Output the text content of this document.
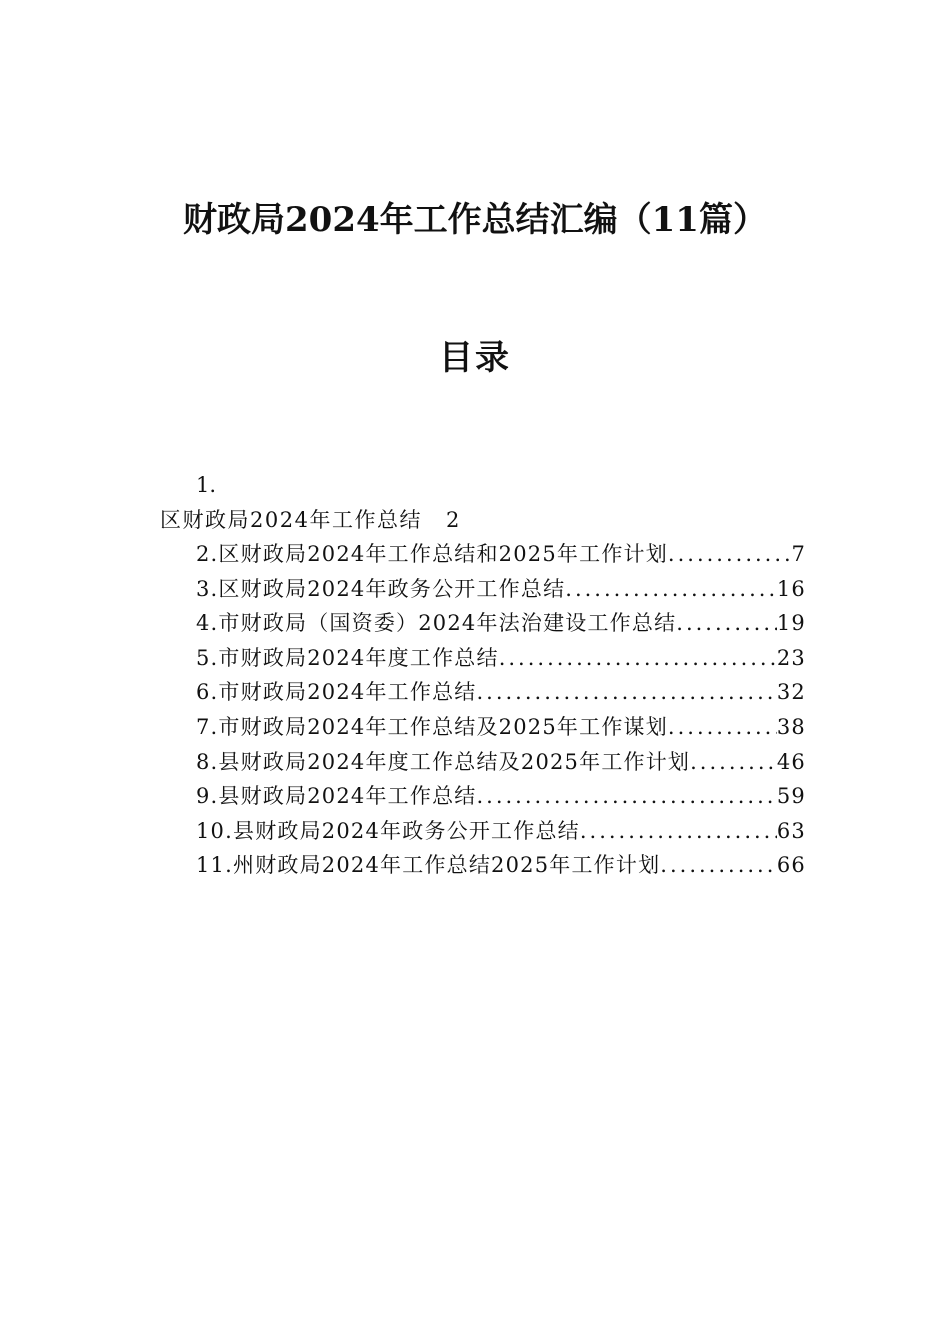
财政局2024年工作总结汇编（11篇）
目录
1.
区财政局2024年工作总结 2
2.区财政局2024年工作总结和2025年工作计划 .....	7
3.区财政局2024年政务公开工作总结 .....	16
4.市财政局（国资委）2024年法治建设工作总结 .....	19
5.市财政局2024年度工作总结 .....	23
6.市财政局2024年工作总结 .....	32
7.市财政局2024年工作总结及2025年工作谋划 .....	38
8.县财政局2024年度工作总结及2025年工作计划 .....	46
9.县财政局2024年工作总结 .....	59
10.县财政局2024年政务公开工作总结 .....	63
11.州财政局2024年工作总结2025年工作计划 .....	66
